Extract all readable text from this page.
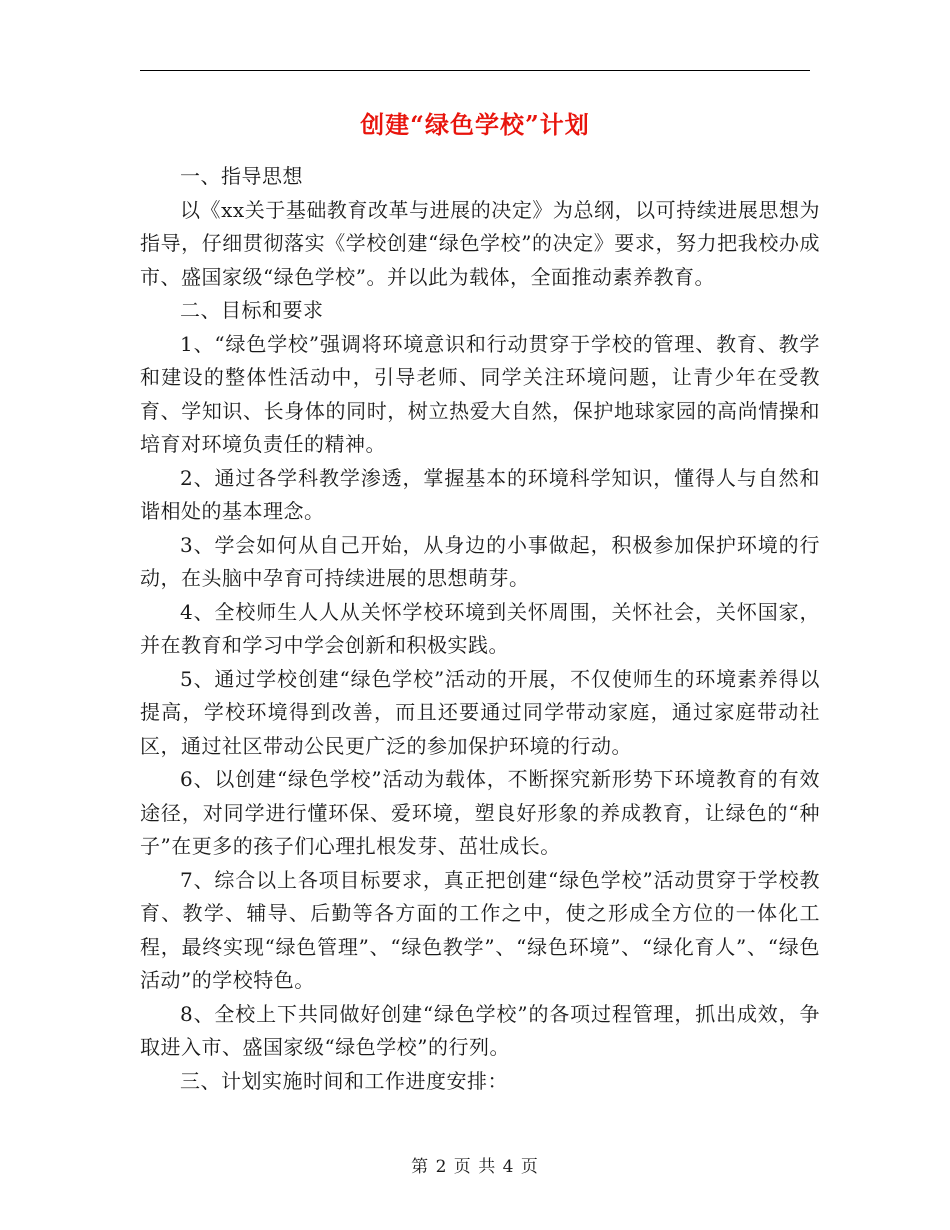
创建“绿色学校”计划

一、指导思想

以《xx关于基础教育改革与进展的决定》为总纲，以可持续进展思想为指导，仔细贯彻落实《学校创建“绿色学校”的决定》要求，努力把我校办成市、盛国家级“绿色学校”。并以此为载体，全面推动素养教育。

二、目标和要求

1、“绿色学校”强调将环境意识和行动贯穿于学校的管理、教育、教学和建设的整体性活动中，引导老师、同学关注环境问题，让青少年在受教育、学知识、长身体的同时，树立热爱大自然，保护地球家园的高尚情操和培育对环境负责任的精神。

2、通过各学科教学渗透，掌握基本的环境科学知识，懂得人与自然和谐相处的基本理念。

3、学会如何从自己开始，从身边的小事做起，积极参加保护环境的行动，在头脑中孕育可持续进展的思想萌芽。

4、全校师生人人从关怀学校环境到关怀周围，关怀社会，关怀国家，并在教育和学习中学会创新和积极实践。

5、通过学校创建“绿色学校”活动的开展，不仅使师生的环境素养得以提高，学校环境得到改善，而且还要通过同学带动家庭，通过家庭带动社区，通过社区带动公民更广泛的参加保护环境的行动。

6、以创建“绿色学校”活动为载体，不断探究新形势下环境教育的有效途径，对同学进行懂环保、爱环境，塑良好形象的养成教育，让绿色的“种子”在更多的孩子们心理扎根发芽、茁壮成长。

7、综合以上各项目标要求，真正把创建“绿色学校”活动贯穿于学校教育、教学、辅导、后勤等各方面的工作之中，使之形成全方位的一体化工程，最终实现“绿色管理”、“绿色教学”、“绿色环境”、“绿化育人”、“绿色活动”的学校特色。

8、全校上下共同做好创建“绿色学校”的各项过程管理，抓出成效，争取进入市、盛国家级“绿色学校”的行列。

三、计划实施时间和工作进度安排：

第 2 页 共 4 页
